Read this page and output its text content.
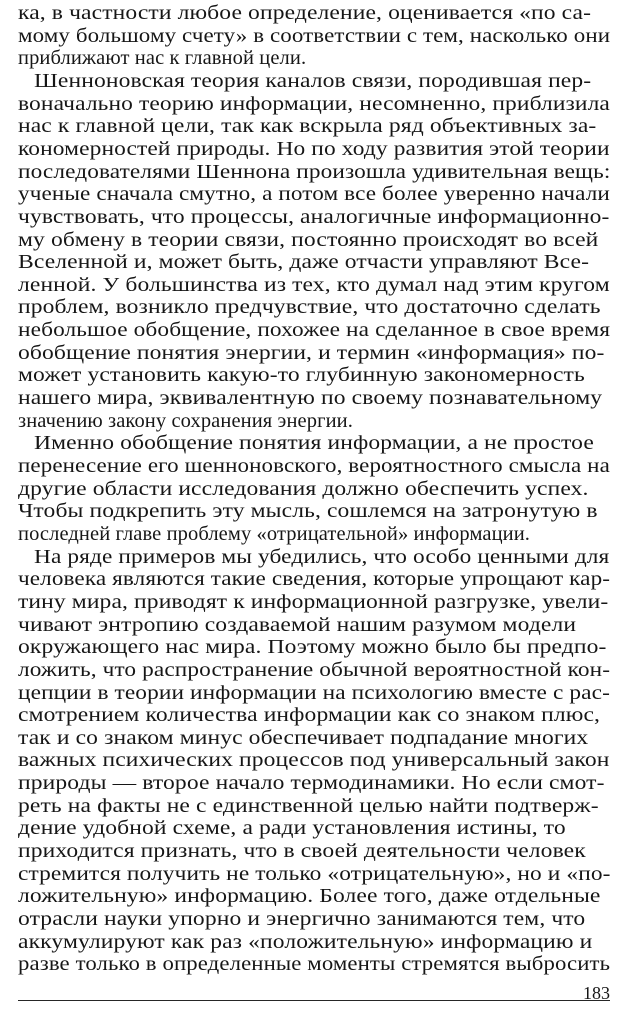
ка, в частности любое определение, оценивается «по са-
мому большому счету» в соответствии с тем, насколько они
приближают нас к главной цели.
Шенноновская теория каналов связи, породившая пер-
воначально теорию информации, несомненно, приблизила
нас к главной цели, так как вскрыла ряд объективных за-
кономерностей природы. Но по ходу развития этой теории
последователями Шеннона произошла удивительная вещь:
ученые сначала смутно, а потом все более уверенно начали
чувствовать, что процессы, аналогичные информационно-
му обмену в теории связи, постоянно происходят во всей
Вселенной и, может быть, даже отчасти управляют Все-
ленной. У большинства из тех, кто думал над этим кругом
проблем, возникло предчувствие, что достаточно сделать
небольшое обобщение, похожее на сделанное в свое время
обобщение понятия энергии, и термин «информация» по-
может установить какую-то глубинную закономерность
нашего мира, эквивалентную по своему познавательному
значению закону сохранения энергии.
Именно обобщение понятия информации, а не простое
перенесение его шенноновского, вероятностного смысла на
другие области исследования должно обеспечить успех.
Чтобы подкрепить эту мысль, сошлемся на затронутую в
последней главе проблему «отрицательной» информации.
На ряде примеров мы убедились, что особо ценными для
человека являются такие сведения, которые упрощают кар-
тину мира, приводят к информационной разгрузке, увели-
чивают энтропию создаваемой нашим разумом модели
окружающего нас мира. Поэтому можно было бы предпо-
ложить, что распространение обычной вероятностной кон-
цепции в теории информации на психологию вместе с рас-
смотрением количества информации как со знаком плюс,
так и со знаком минус обеспечивает подпадание многих
важных психических процессов под универсальный закон
природы — второе начало термодинамики. Но если смот-
реть на факты не с единственной целью найти подтверж-
дение удобной схеме, а ради установления истины, то
приходится признать, что в своей деятельности человек
стремится получить не только «отрицательную», но и «по-
ложительную» информацию. Более того, даже отдельные
отрасли науки упорно и энергично занимаются тем, что
аккумулируют как раз «положительную» информацию и
разве только в определенные моменты стремятся выбросить
183
